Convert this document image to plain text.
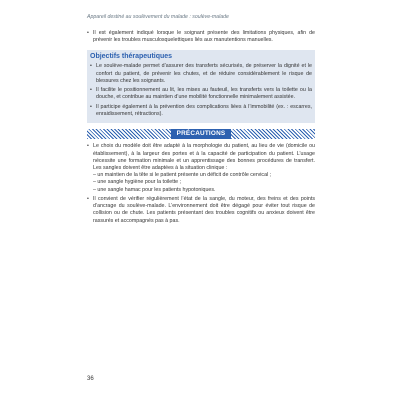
Appareil destiné au soulèvement du malade : soulève-malade
• Il est également indiqué lorsque le soignant présente des limitations physiques, afin de prévenir les troubles musculosquelettiques liés aux manutentions manuelles.
Objectifs thérapeutiques
• Le soulève-malade permet d’assurer des transferts sécurisés, de préserver la dignité et le confort du patient, de prévenir les chutes, et de réduire considérablement le risque de blessures chez les soignants.
• Il facilite le positionnement au lit, les mises au fauteuil, les transferts vers la toilette ou la douche, et contribue au maintien d’une mobilité fonctionnelle minimalement assistée.
• Il participe également à la prévention des complications liées à l’immobilité (ex. : escarres, enraidissement, rétractions).
PRÉCAUTIONS
• Le choix du modèle doit être adapté à la morphologie du patient, au lieu de vie (domicile ou établissement), à la largeur des portes et à la capacité de participation du patient. L’usage nécessite une formation minimale et un apprentissage des bonnes procédures de transfert. Les sangles doivent être adaptées à la situation clinique :
– un maintien de la tête si le patient présente un déficit de contrôle cervical ;
– une sangle hygiène pour la toilette ;
– une sangle hamac pour les patients hypotoniques.
• Il convient de vérifier régulièrement l’état de la sangle, du moteur, des freins et des points d’ancrage du soulève-malade. L’environnement doit être dégagé pour éviter tout risque de collision ou de chute. Les patients présentant des troubles cognitifs ou anxieux doivent être rassurés et accompagnés pas à pas.
36
